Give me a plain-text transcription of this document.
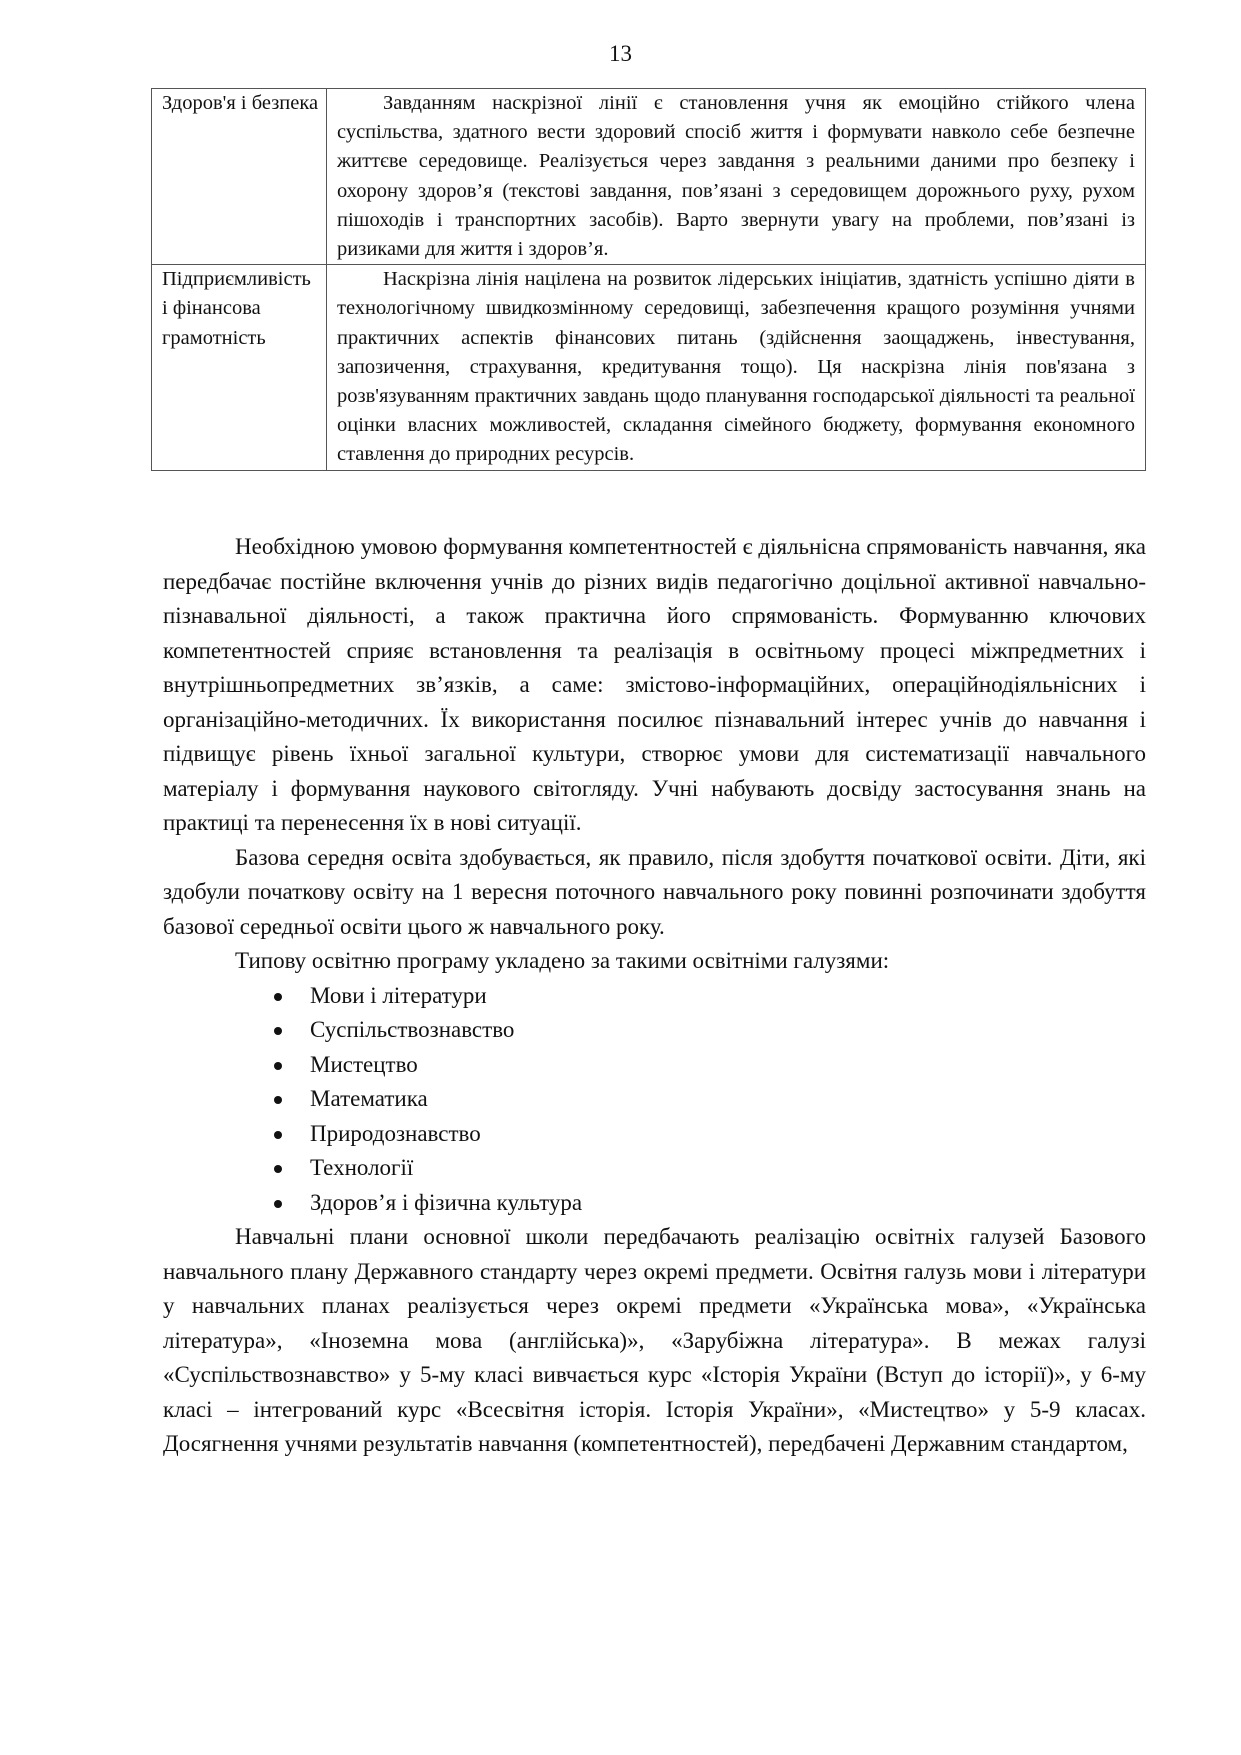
13
Здоров'я і безпека	Завданням наскрізної лінії є становлення учня як емоційно стійкого члена суспільства, здатного вести здоровий спосіб життя і формувати навколо себе безпечне життєве середовище. Реалізується через завдання з реальними даними про безпеку і охорону здоров’я (текстові завдання, пов’язані з середовищем дорожнього руху, рухом пішоходів і транспортних засобів). Варто звернути увагу на проблеми, пов’язані із ризиками для життя і здоров’я.
Підприємливість і фінансова грамотність	Наскрізна лінія націлена на розвиток лідерських ініціатив, здатність успішно діяти в технологічному швидкозмінному середовищі, забезпечення кращого розуміння учнями практичних аспектів фінансових питань (здійснення заощаджень, інвестування, запозичення, страхування, кредитування тощо). Ця наскрізна лінія пов'язана з розв'язуванням практичних завдань щодо планування господарської діяльності та реальної оцінки власних можливостей, складання сімейного бюджету, формування економного ставлення до природних ресурсів.

Необхідною умовою формування компетентностей є діяльнісна спрямованість навчання, яка передбачає постійне включення учнів до різних видів педагогічно доцільної активної навчально-пізнавальної діяльності, а також практична його спрямованість. Формуванню ключових компетентностей сприяє встановлення та реалізація в освітньому процесі міжпредметних і внутрішньопредметних зв’язків, а саме: змістово-інформаційних, операційнодіяльнісних і організаційно-методичних. Їх використання посилює пізнавальний інтерес учнів до навчання і підвищує рівень їхньої загальної культури, створює умови для систематизації навчального матеріалу і формування наукового світогляду. Учні набувають досвіду застосування знань на практиці та перенесення їх в нові ситуації.

Базова середня освіта здобувається, як правило, після здобуття початкової освіти. Діти, які здобули початкову освіту на 1 вересня поточного навчального року повинні розпочинати здобуття базової середньої освіти цього ж навчального року.

Типову освітню програму укладено за такими освітніми галузями:

Мови і літератури
Суспільствознавство
Мистецтво
Математика
Природознавство
Технології
Здоров’я і фізична культура

Навчальні плани основної школи передбачають реалізацію освітніх галузей Базового навчального плану Державного стандарту через окремі предмети. Освітня галузь мови і літератури у навчальних планах реалізується через окремі предмети «Українська мова», «Українська література», «Іноземна мова (англійська)», «Зарубіжна література». В межах галузі «Суспільствознавство» у 5-му класі вивчається курс «Історія України (Вступ до історії)», у 6-му класі – інтегрований курс «Всесвітня історія. Історія України», «Мистецтво» у 5-9 класах. Досягнення учнями результатів навчання (компетентностей), передбачені Державним стандартом,
